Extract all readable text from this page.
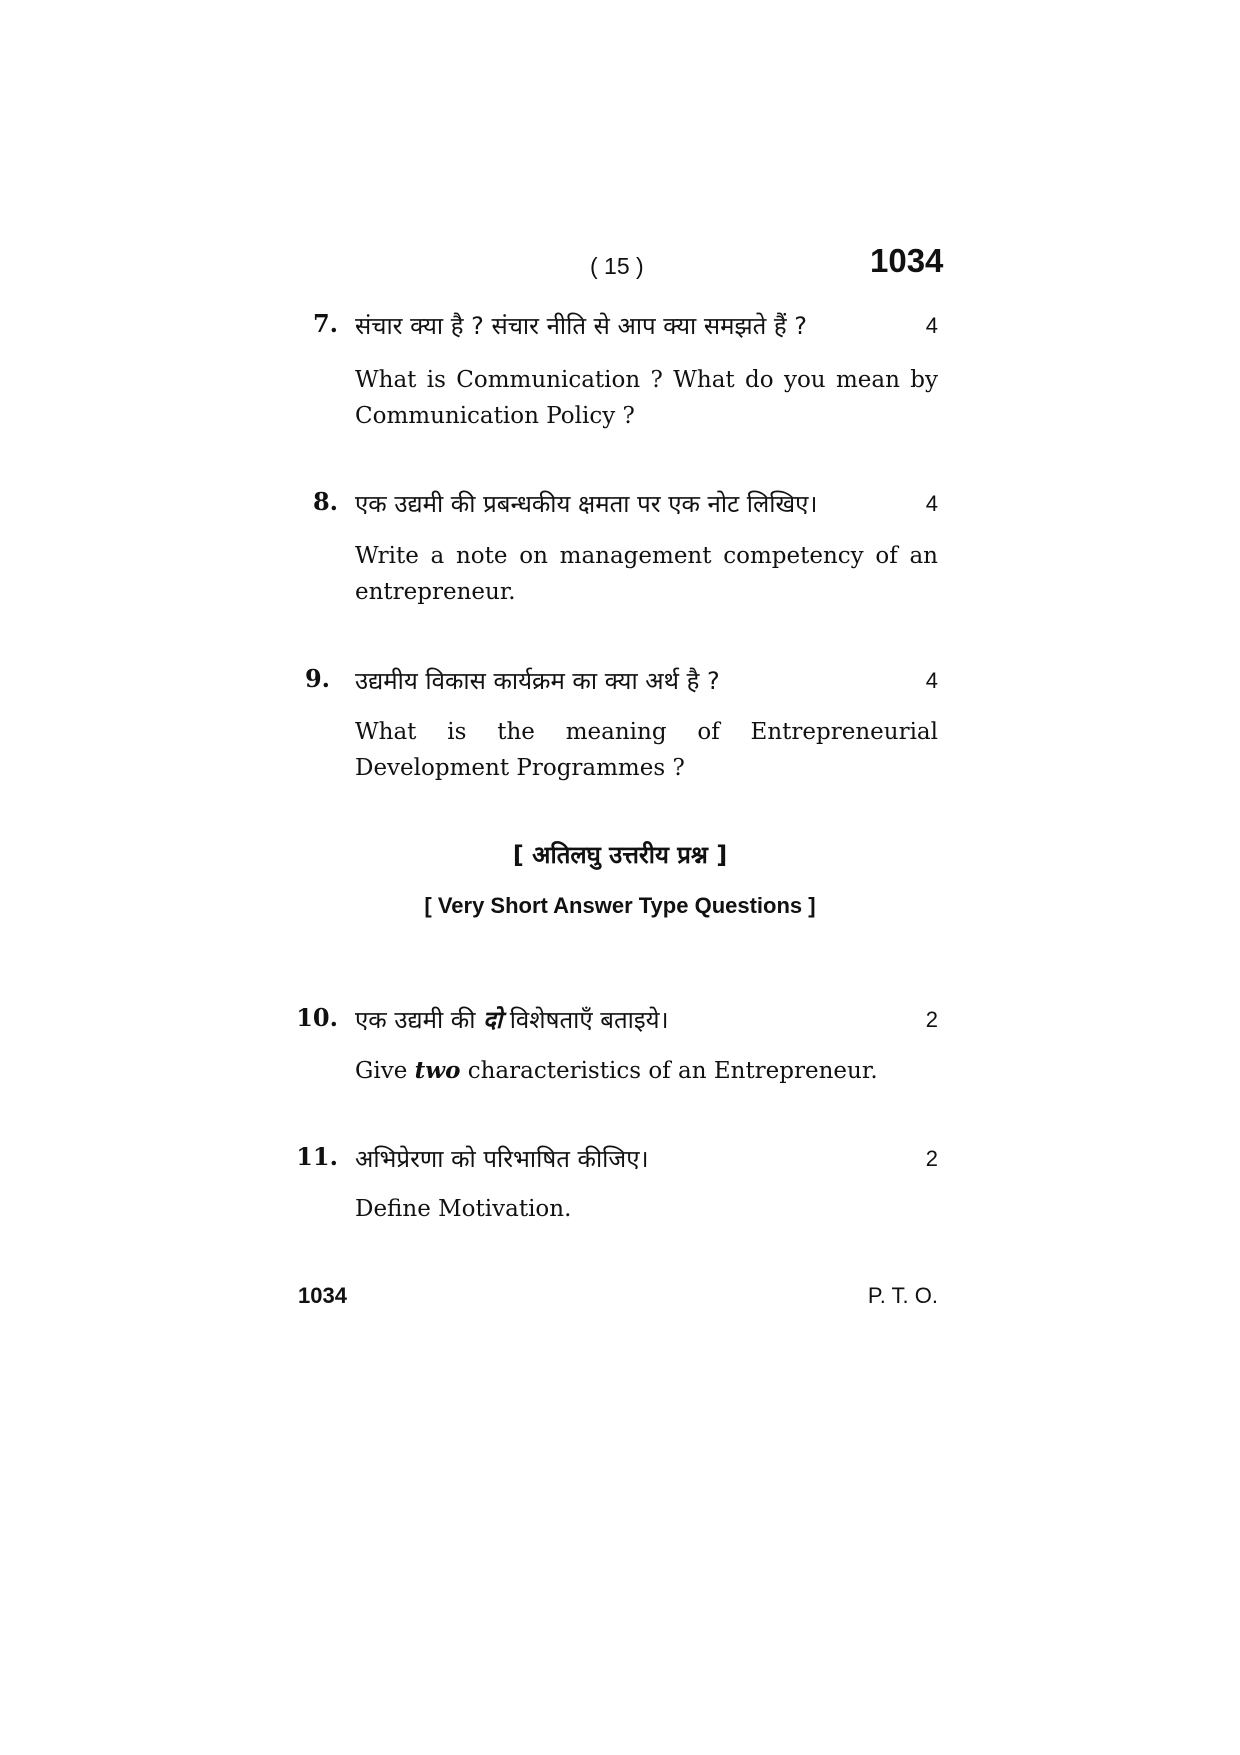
( 15 )	1034
7. संचार क्या है ? संचार नीति से आप क्या समझते हैं ?	4
What is Communication ? What do you mean by Communication Policy ?
8. एक उद्यमी की प्रबन्धकीय क्षमता पर एक नोट लिखिए।	4
Write a note on management competency of an entrepreneur.
9. उद्यमीय विकास कार्यक्रम का क्या अर्थ है ?	4
What is the meaning of Entrepreneurial Development Programmes ?
[ अतिलघु उत्तरीय प्रश्न ]
[ Very Short Answer Type Questions ]
10. एक उद्यमी की दो विशेषताएँ बताइये।	2
Give two characteristics of an Entrepreneur.
11. अभिप्रेरणा को परिभाषित कीजिए।	2
Define Motivation.
1034	P. T. O.
